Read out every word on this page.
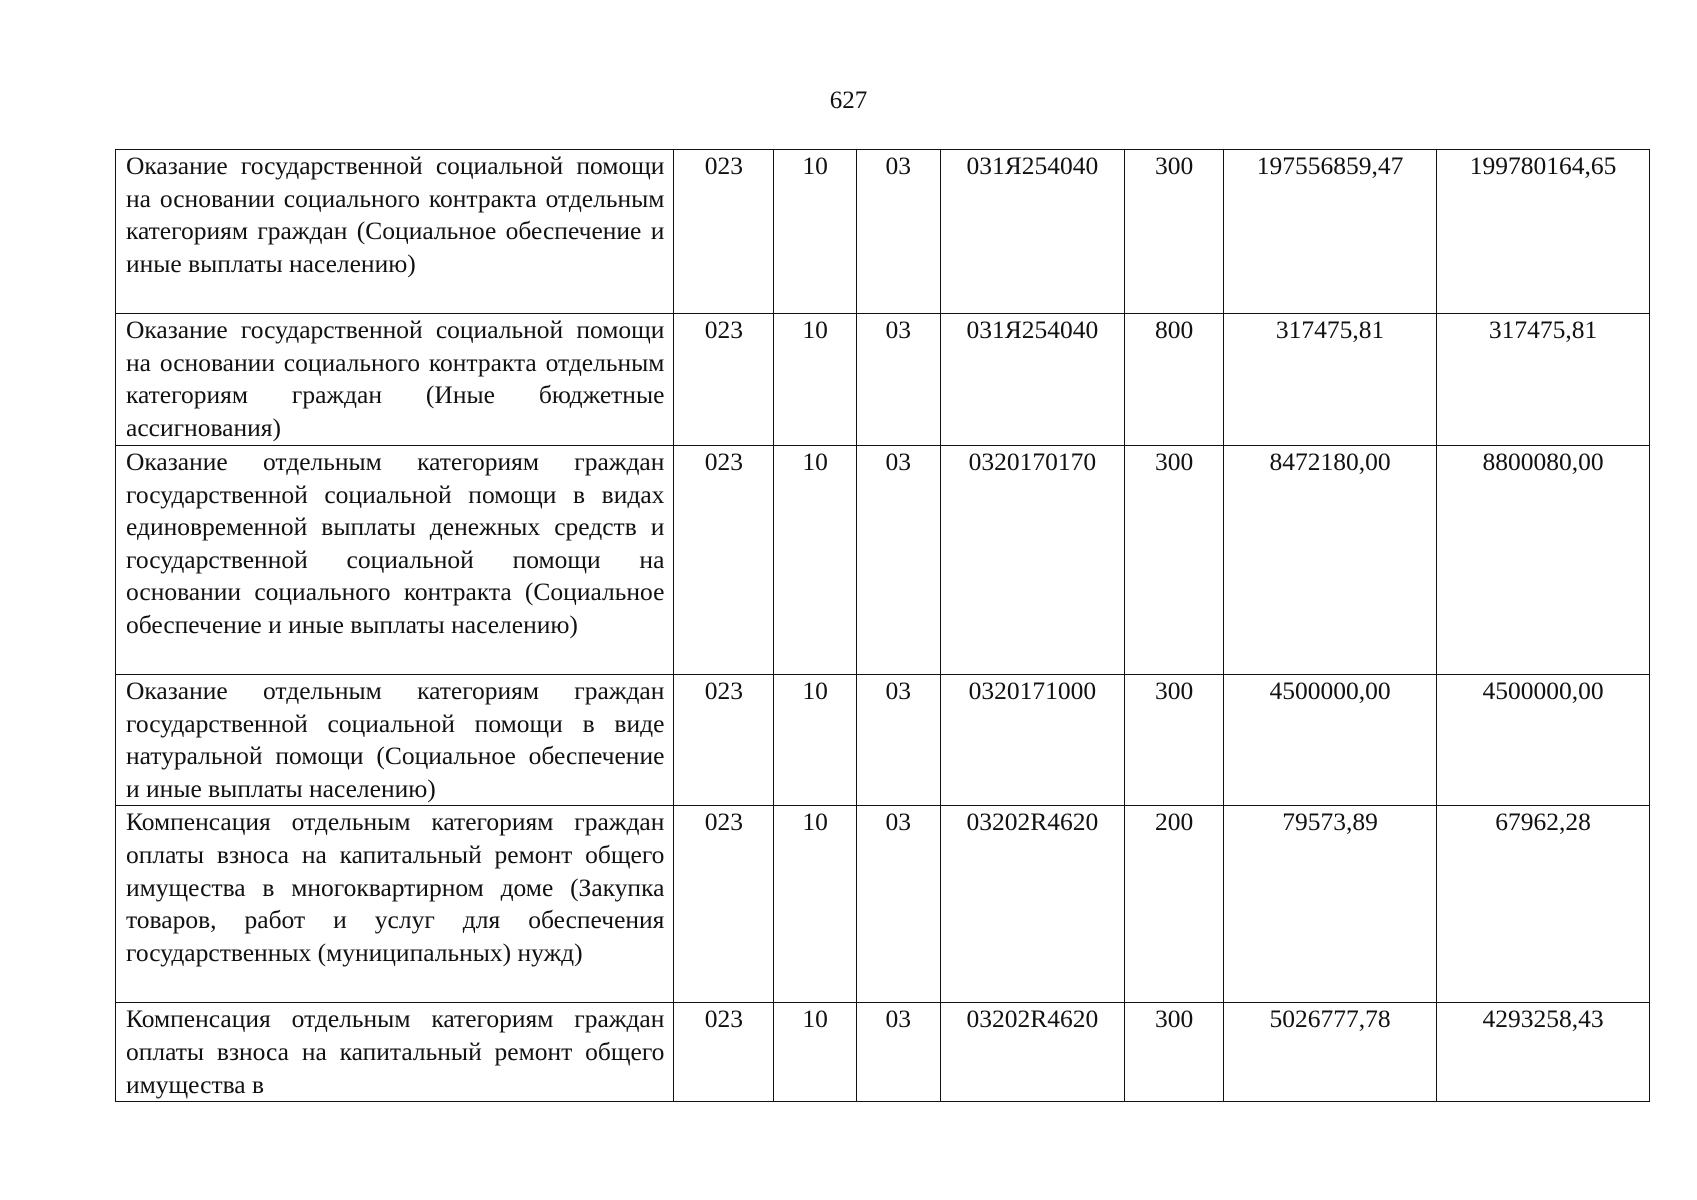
627
Оказание государственной социальной помощи на основании социального контракта отдельным категориям граждан (Социальное обеспечение и иные выплаты населению)	023	10	03	031Я254040	300	197556859,47	199780164,65

Оказание государственной социальной помощи на основании социального контракта отдельным категориям граждан (Иные бюджетные ассигнования)	023	10	03	031Я254040	800	317475,81	317475,81

Оказание отдельным категориям граждан государственной социальной помощи в видах единовременной выплаты денежных средств и государственной социальной помощи на основании социального контракта (Социальное обеспечение и иные выплаты населению)	023	10	03	0320170170	300	8472180,00	8800080,00

Оказание отдельным категориям граждан государственной социальной помощи в виде натуральной помощи (Социальное обеспечение и иные выплаты населению)	023	10	03	0320171000	300	4500000,00	4500000,00

Компенсация отдельным категориям граждан оплаты взноса на капитальный ремонт общего имущества в многоквартирном доме (Закупка товаров, работ и услуг для обеспечения государственных (муниципальных) нужд)	023	10	03	03202R4620	200	79573,89	67962,28

Компенсация отдельным категориям граждан оплаты взноса на капитальный ремонт общего имущества в	023	10	03	03202R4620	300	5026777,78	4293258,43
